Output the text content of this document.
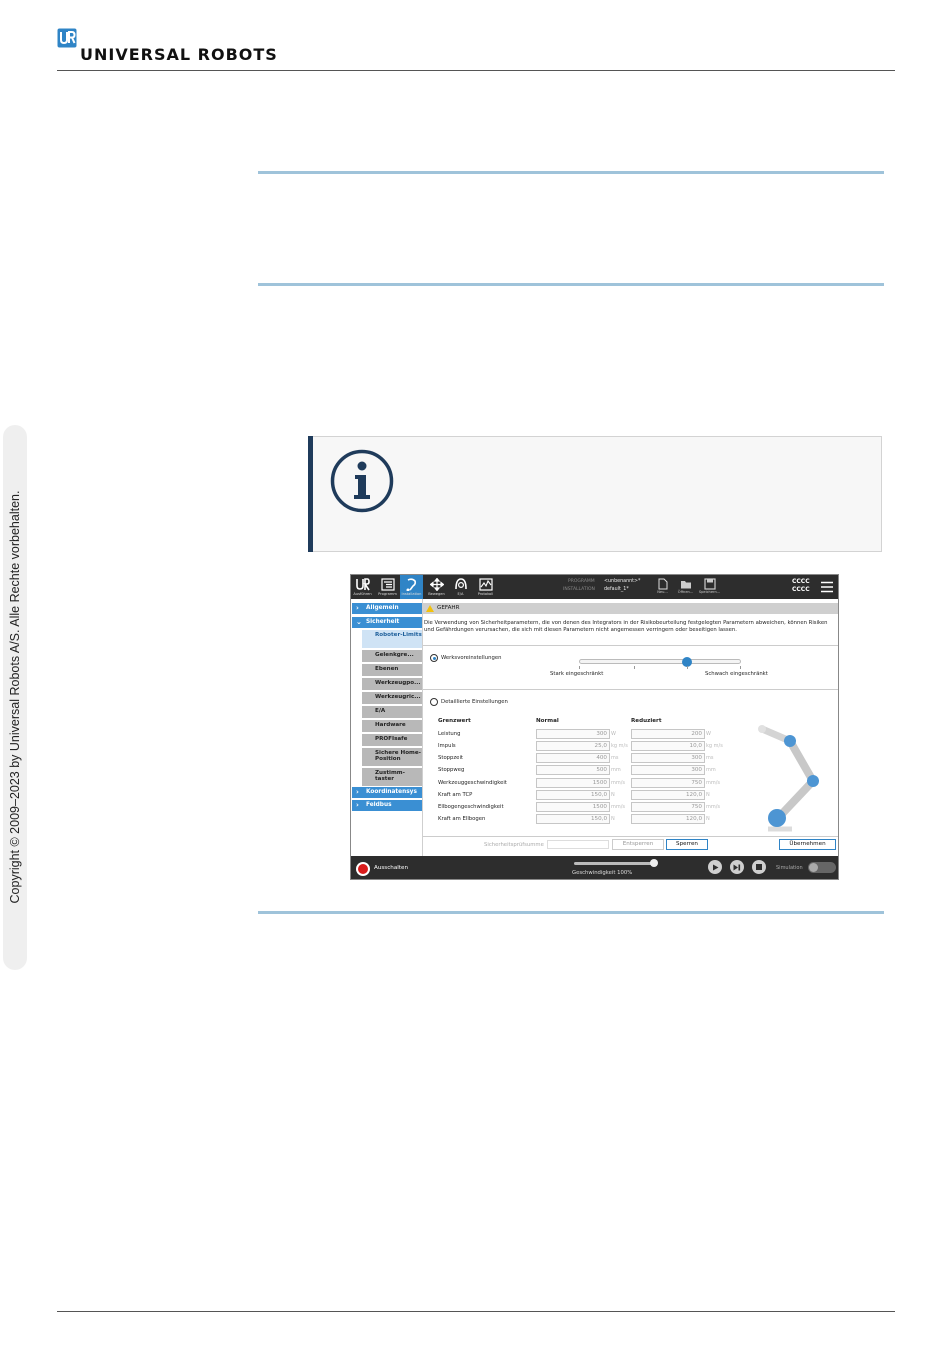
UNIVERSAL ROBOTS
Copyright © 2009–2023 by Universal Robots A/S. Alle Rechte vorbehalten.	Ausführen Programm Installation Bewegen	E/A	Protokoll
PROGRAMM <unbenannt>*
INSTALLATION default_1*	Neu...	Öffnen... Speichern...
CCCC
CCCC
› Allgemein
⌄ Sicherheit
Roboter-Limits
Gelenkgre...
Ebenen
Werkzeugpo...
Werkzeugric...
E/A
Hardware
PROFIsafe
Sichere Home-Position
Zustimm-taster
› Koordinatensys
› Feldbus
GEFAHR
Die Verwendung von Sicherheitparametern, die von denen des Integrators in der Risikobeurteilung festgelegten Parametern abweichen, können Risiken und Gefährdungen verursachen, die sich mit diesen Parametern nicht angemessen verringern oder beseitigen lassen.
Werksvoreinstellungen
Stark eingeschränkt	Schwach eingeschränkt
Detaillierte Einstellungen
Grenzwert	Normal	Reduziert
Leistung	300 W	200 W
Impuls	25,0 kg m/s	10,0 kg m/s
Stoppzeit	400 ms	300 ms
Stoppweg	500 mm	300 mm
Werkzeuggeschwindigkeit	1500 mm/s	750 mm/s
Kraft am TCP	150,0 N	120,0 N
Ellbogengeschwindigkeit	1500 mm/s	750 mm/s
Kraft am Ellbogen	150,0 N	120,0 N
Sicherheitsprüfsumme	Entsperren	Sperren	Übernehmen
Ausschalten
Geschwindigkeit 100%
Simulation
